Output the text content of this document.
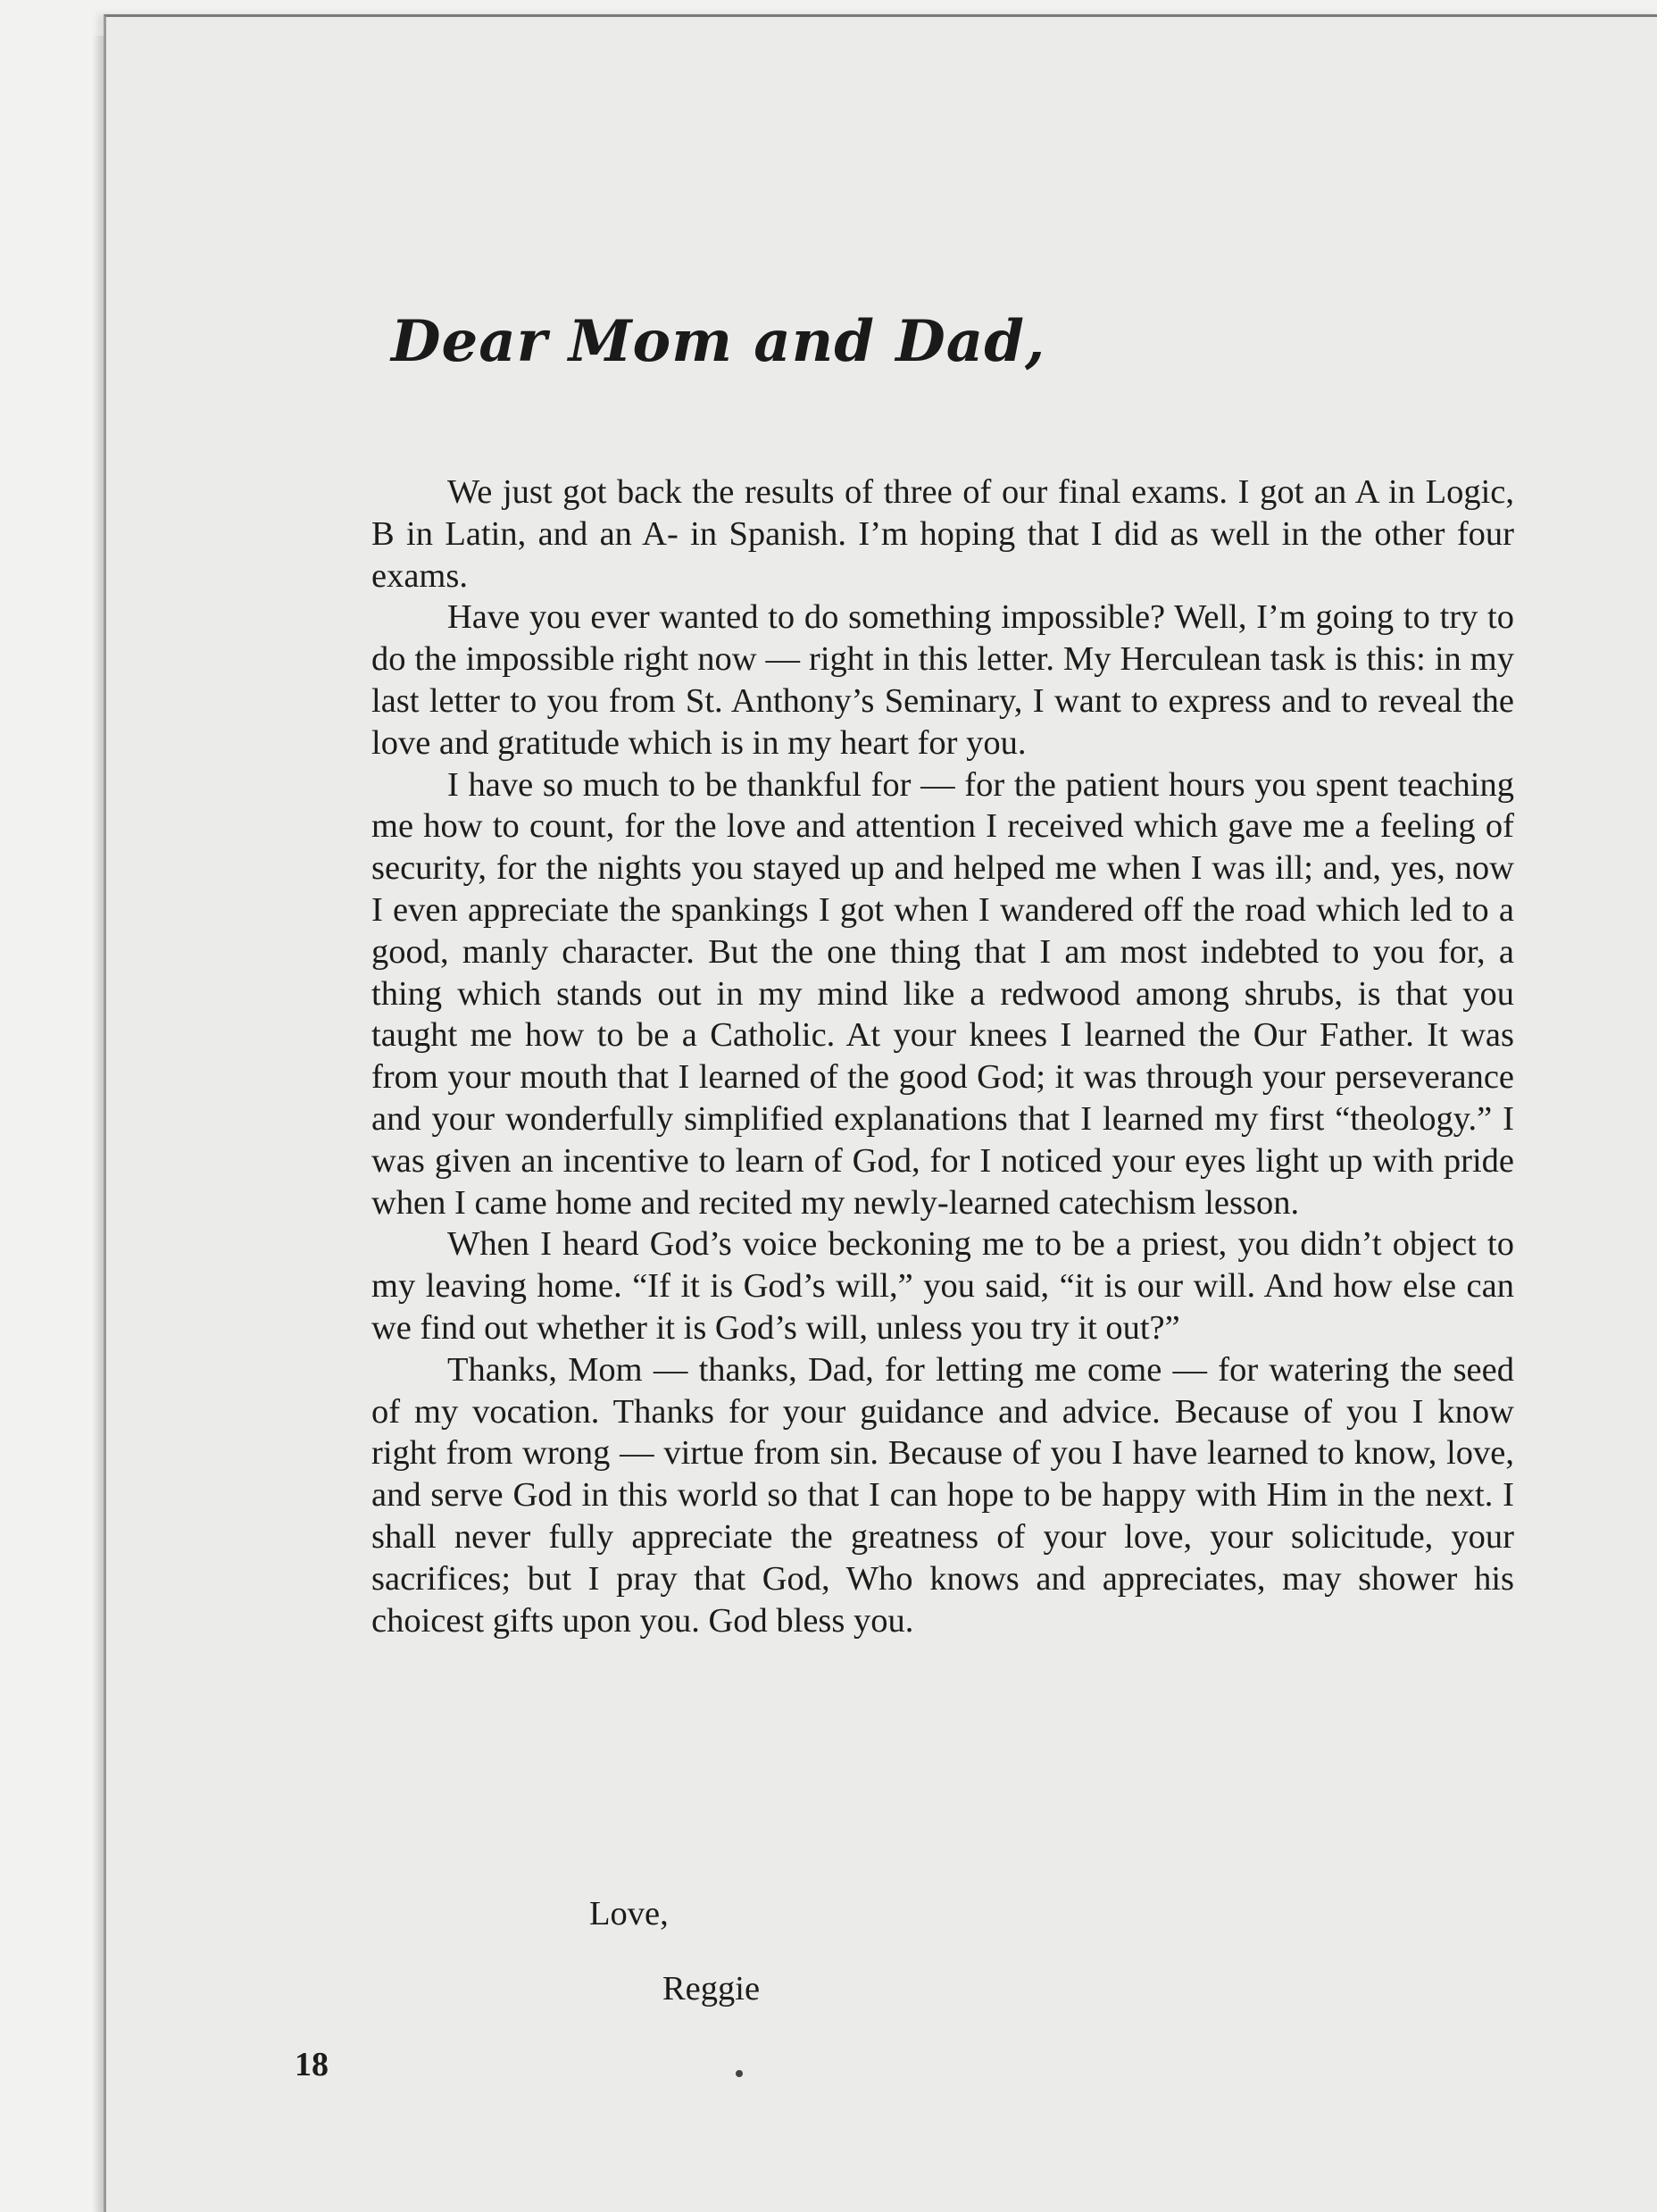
Dear Mom and Dad,

We just got back the results of three of our final exams. I got an A in Logic, B in Latin, and an A- in Spanish. I’m hoping that I did as well in the other four exams.

Have you ever wanted to do something impossible? Well, I’m going to try to do the impossible right now — right in this letter. My Herculean task is this: in my last letter to you from St. Anthony’s Seminary, I want to express and to reveal the love and gratitude which is in my heart for you.

I have so much to be thankful for — for the patient hours you spent teaching me how to count, for the love and attention I received which gave me a feeling of security, for the nights you stayed up and helped me when I was ill; and, yes, now I even appreciate the spankings I got when I wandered off the road which led to a good, manly character. But the one thing that I am most indebted to you for, a thing which stands out in my mind like a redwood among shrubs, is that you taught me how to be a Catholic. At your knees I learned the Our Father. It was from your mouth that I learned of the good God; it was through your perseverance and your wonderfully simplified explanations that I learned my first “theology.” I was given an incentive to learn of God, for I noticed your eyes light up with pride when I came home and recited my newly-learned catechism lesson.

When I heard God’s voice beckoning me to be a priest, you didn’t object to my leaving home. “If it is God’s will,” you said, “it is our will. And how else can we find out whether it is God’s will, unless you try it out?”

Thanks, Mom — thanks, Dad, for letting me come — for watering the seed of my vocation. Thanks for your guidance and advice. Because of you I know right from wrong — virtue from sin. Because of you I have learned to know, love, and serve God in this world so that I can hope to be happy with Him in the next. I shall never fully appreciate the greatness of your love, your solicitude, your sacrifices; but I pray that God, Who knows and appreciates, may shower his choicest gifts upon you. God bless you.

Love,
Reggie
18
